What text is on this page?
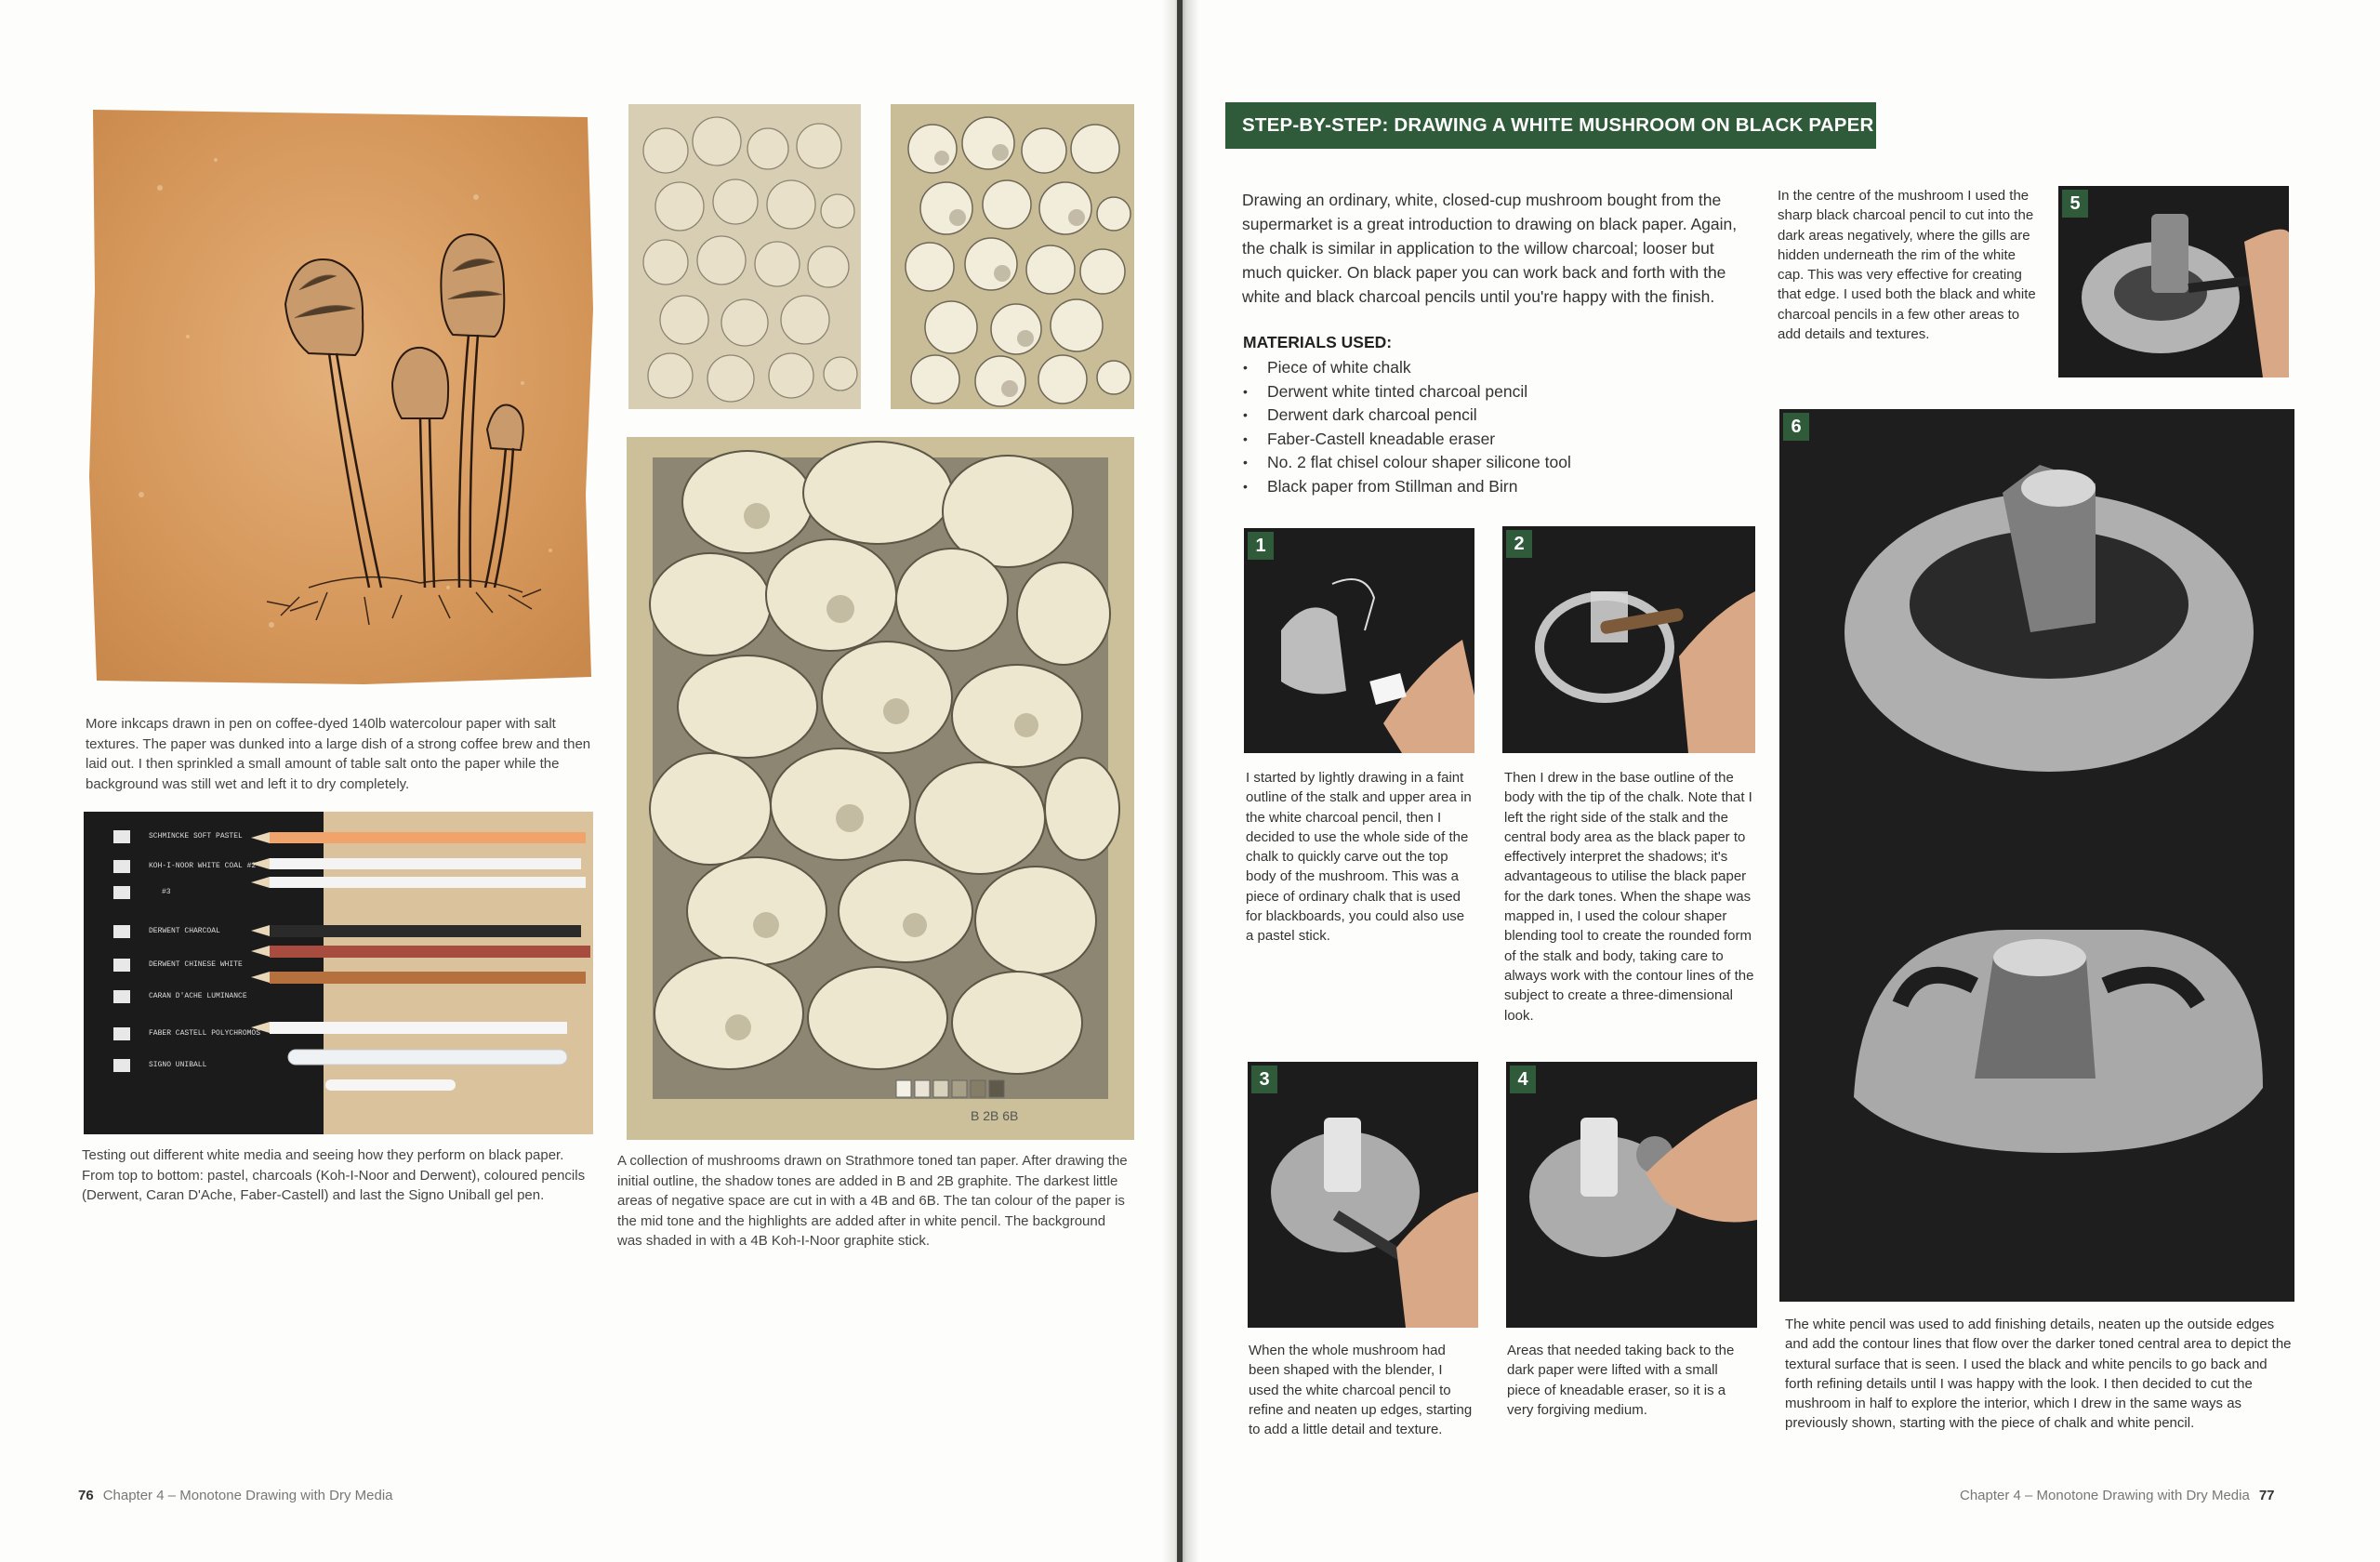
More inkcaps drawn in pen on coffee-dyed 140lb watercolour paper with salt textures. The paper was dunked into a large dish of a strong coffee brew and then laid out. I then sprinkled a small amount of table salt onto the paper while the background was still wet and left it to dry completely.
SCHMINCKE SOFT PASTEL
KOH-I-NOOR WHITE COAL #2
#3
DERWENT CHARCOAL
DERWENT CHINESE WHITE
CARAN D'ACHE LUMINANCE
FABER CASTELL POLYCHROMOS
SIGNO UNIBALL
Testing out different white media and seeing how they perform on black paper. From top to bottom: pastel, charcoals (Koh-I-Noor and Derwent), coloured pencils (Derwent, Caran D'Ache, Faber-Castell) and last the Signo Uniball gel pen.
B 2B 6B
A collection of mushrooms drawn on Strathmore toned tan paper. After drawing the initial outline, the shadow tones are added in B and 2B graphite. The darkest little areas of negative space are cut in with a 4B and 6B. The tan colour of the paper is the mid tone and the highlights are added after in white pencil. The background was shaded in with a 4B Koh-I-Noor graphite stick.
76 Chapter 4 – Monotone Drawing with Dry Media
STEP-BY-STEP: DRAWING A WHITE MUSHROOM ON BLACK PAPER
Drawing an ordinary, white, closed-cup mushroom bought from the supermarket is a great introduction to drawing on black paper. Again, the chalk is similar in application to the willow charcoal; looser but much quicker. On black paper you can work back and forth with the white and black charcoal pencils until you're happy with the finish.
MATERIALS USED:
• Piece of white chalk
• Derwent white tinted charcoal pencil
• Derwent dark charcoal pencil
• Faber-Castell kneadable eraser
• No. 2 flat chisel colour shaper silicone tool
• Black paper from Stillman and Birn
1
I started by lightly drawing in a faint outline of the stalk and upper area in the white charcoal pencil, then I decided to use the whole side of the chalk to quickly carve out the top body of the mushroom. This was a piece of ordinary chalk that is used for blackboards, you could also use a pastel stick.
2
Then I drew in the base outline of the body with the tip of the chalk. Note that I left the right side of the stalk and the central body area as the black paper to effectively interpret the shadows; it's advantageous to utilise the black paper for the dark tones. When the shape was mapped in, I used the colour shaper blending tool to create the rounded form of the stalk and body, taking care to always work with the contour lines of the subject to create a three-dimensional look.
3
When the whole mushroom had been shaped with the blender, I used the white charcoal pencil to refine and neaten up edges, starting to add a little detail and texture.
4
Areas that needed taking back to the dark paper were lifted with a small piece of kneadable eraser, so it is a very forgiving medium.
5
In the centre of the mushroom I used the sharp black charcoal pencil to cut into the dark areas negatively, where the gills are hidden underneath the rim of the white cap. This was very effective for creating that edge. I used both the black and white charcoal pencils in a few other areas to add details and textures.
6
The white pencil was used to add finishing details, neaten up the outside edges and add the contour lines that flow over the darker toned central area to depict the textural surface that is seen. I used the black and white pencils to go back and forth refining details until I was happy with the look. I then decided to cut the mushroom in half to explore the interior, which I drew in the same ways as previously shown, starting with the piece of chalk and white pencil.
Chapter 4 – Monotone Drawing with Dry Media 77
